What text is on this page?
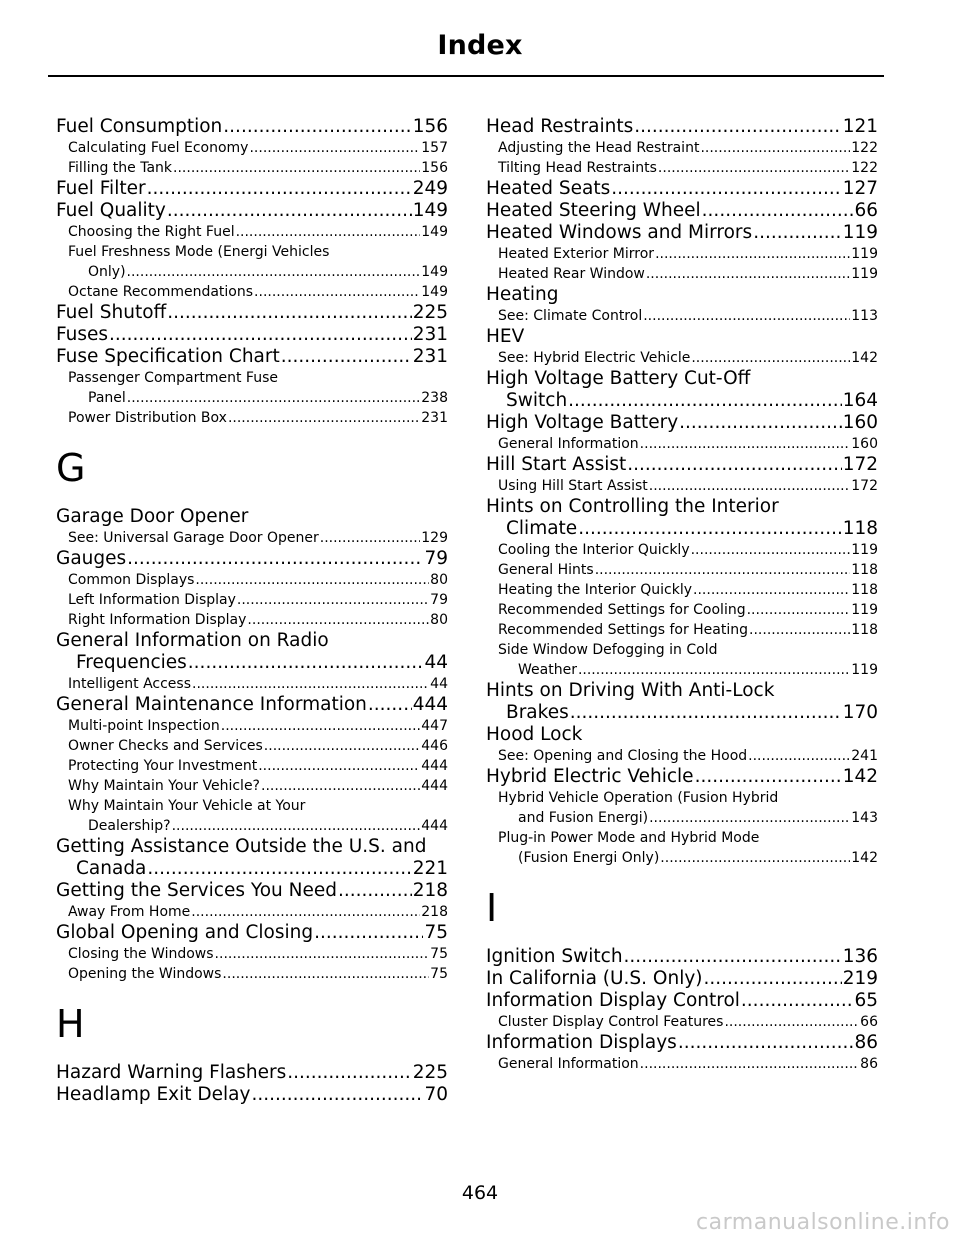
Index
Fuel Consumption .....	156
Calculating Fuel Economy .....	157
Filling the Tank .....	156
Fuel Filter .....	249
Fuel Quality .....	149
Choosing the Right Fuel .....	149
Fuel Freshness Mode (Energi Vehicles
Only) .....	149
Octane Recommendations .....	149
Fuel Shutoff .....	225
Fuses .....	231
Fuse Specification Chart .....	231
Passenger Compartment Fuse
Panel .....	238
Power Distribution Box .....	231
G
Garage Door Opener
See: Universal Garage Door Opener .....	129
Gauges .....	79
Common Displays .....	80
Left Information Display .....	79
Right Information Display .....	80
General Information on Radio
Frequencies .....	44
Intelligent Access .....	44
General Maintenance Information ..... 444
Multi-point Inspection .....	447
Owner Checks and Services .....	446
Protecting Your Investment .....	444
Why Maintain Your Vehicle? .....	444
Why Maintain Your Vehicle at Your
Dealership? .....	444
Getting Assistance Outside the U.S. and
Canada .....	221
Getting the Services You Need .....	218
Away From Home .....	218
Global Opening and Closing .....	75
Closing the Windows .....	75
Opening the Windows .....	75
H
Hazard Warning Flashers .....	225
Headlamp Exit Delay .....	70
Head Restraints .....	121
Adjusting the Head Restraint .....	122
Tilting Head Restraints .....	122
Heated Seats .....	127
Heated Steering Wheel .....	66
Heated Windows and Mirrors .....	119
Heated Exterior Mirror .....	119
Heated Rear Window .....	119
Heating
See: Climate Control .....	113
HEV
See: Hybrid Electric Vehicle .....	142
High Voltage Battery Cut-Off
Switch .....	164
High Voltage Battery .....	160
General Information .....	160
Hill Start Assist .....	172
Using Hill Start Assist .....	172
Hints on Controlling the Interior
Climate .....	118
Cooling the Interior Quickly .....	119
General Hints .....	118
Heating the Interior Quickly .....	118
Recommended Settings for Cooling .....	119
Recommended Settings for Heating .....	118
Side Window Defogging in Cold
Weather .....	119
Hints on Driving With Anti-Lock
Brakes .....	170
Hood Lock
See: Opening and Closing the Hood .....	241
Hybrid Electric Vehicle .....	142
Hybrid Vehicle Operation (Fusion Hybrid
and Fusion Energi) .....	143
Plug-in Power Mode and Hybrid Mode
(Fusion Energi Only) .....	142
I
Ignition Switch .....	136
In California (U.S. Only) .....	219
Information Display Control .....	65
Cluster Display Control Features .....	66
Information Displays .....	86
General Information .....	86
464
carmanualsonline.info
